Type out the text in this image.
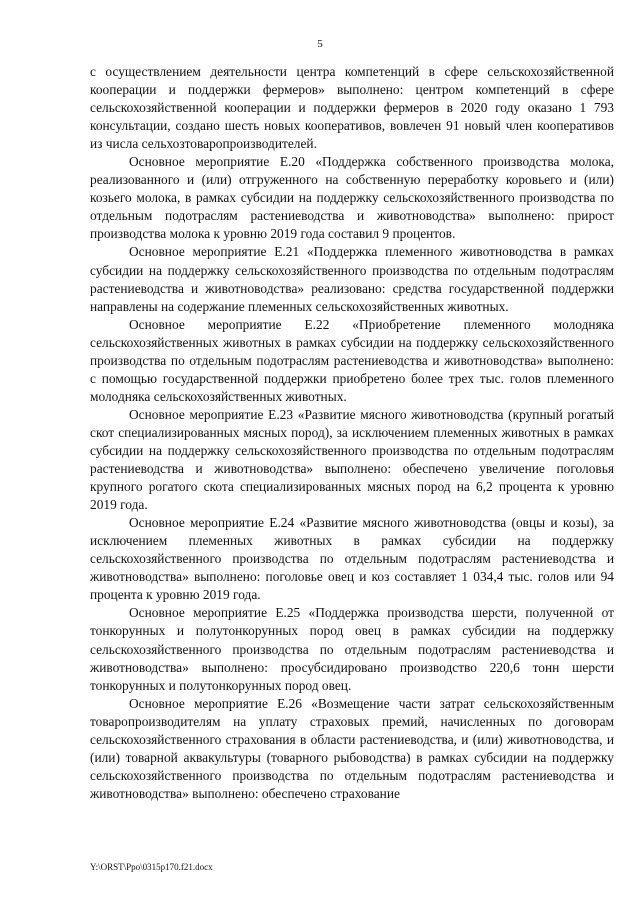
5

с осуществлением деятельности центра компетенций в сфере сельскохозяйственной кооперации и поддержки фермеров» выполнено: центром компетенций в сфере сельскохозяйственной кооперации и поддержки фермеров в 2020 году оказано 1 793 консультации, создано шесть новых кооперативов, вовлечен 91 новый член кооперативов из числа сельхозтоваропроизводителей.

Основное мероприятие Е.20 «Поддержка собственного производства молока, реализованного и (или) отгруженного на собственную переработку коровьего и (или) козьего молока, в рамках субсидии на поддержку сельскохозяйственного производства по отдельным подотраслям растениеводства и животноводства» выполнено: прирост производства молока к уровню 2019 года составил 9 процентов.

Основное мероприятие Е.21 «Поддержка племенного животноводства в рамках субсидии на поддержку сельскохозяйственного производства по отдельным подотраслям растениеводства и животноводства» реализовано: средства государственной поддержки направлены на содержание племенных сельскохозяйственных животных.

Основное мероприятие Е.22 «Приобретение племенного молодняка сельскохозяйственных животных в рамках субсидии на поддержку сельскохозяйственного производства по отдельным подотраслям растениеводства и животноводства» выполнено: с помощью государственной поддержки приобретено более трех тыс. голов племенного молодняка сельскохозяйственных животных.

Основное мероприятие Е.23 «Развитие мясного животноводства (крупный рогатый скот специализированных мясных пород), за исключением племенных животных в рамках субсидии на поддержку сельскохозяйственного производства по отдельным подотраслям растениеводства и животноводства» выполнено: обеспечено увеличение поголовья крупного рогатого скота специализированных мясных пород на 6,2 процента к уровню 2019 года.

Основное мероприятие Е.24 «Развитие мясного животноводства (овцы и козы), за исключением племенных животных в рамках субсидии на поддержку сельскохозяйственного производства по отдельным подотраслям растениеводства и животноводства» выполнено: поголовье овец и коз составляет 1 034,4 тыс. голов или 94 процента к уровню 2019 года.

Основное мероприятие Е.25 «Поддержка производства шерсти, полученной от тонкорунных и полутонкорунных пород овец в рамках субсидии на поддержку сельскохозяйственного производства по отдельным подотраслям растениеводства и животноводства» выполнено: просубсидировано производство 220,6 тонн шерсти тонкорунных и полутонкорунных пород овец.

Основное мероприятие Е.26 «Возмещение части затрат сельскохозяйственным товаропроизводителям на уплату страховых премий, начисленных по договорам сельскохозяйственного страхования в области растениеводства, и (или) животноводства, и (или) товарной аквакультуры (товарного рыбоводства) в рамках субсидии на поддержку сельскохозяйственного производства по отдельным подотраслям растениеводства и животноводства» выполнено: обеспечено страхование

Y:\ORST\Ppo\0315p170.f21.docx
